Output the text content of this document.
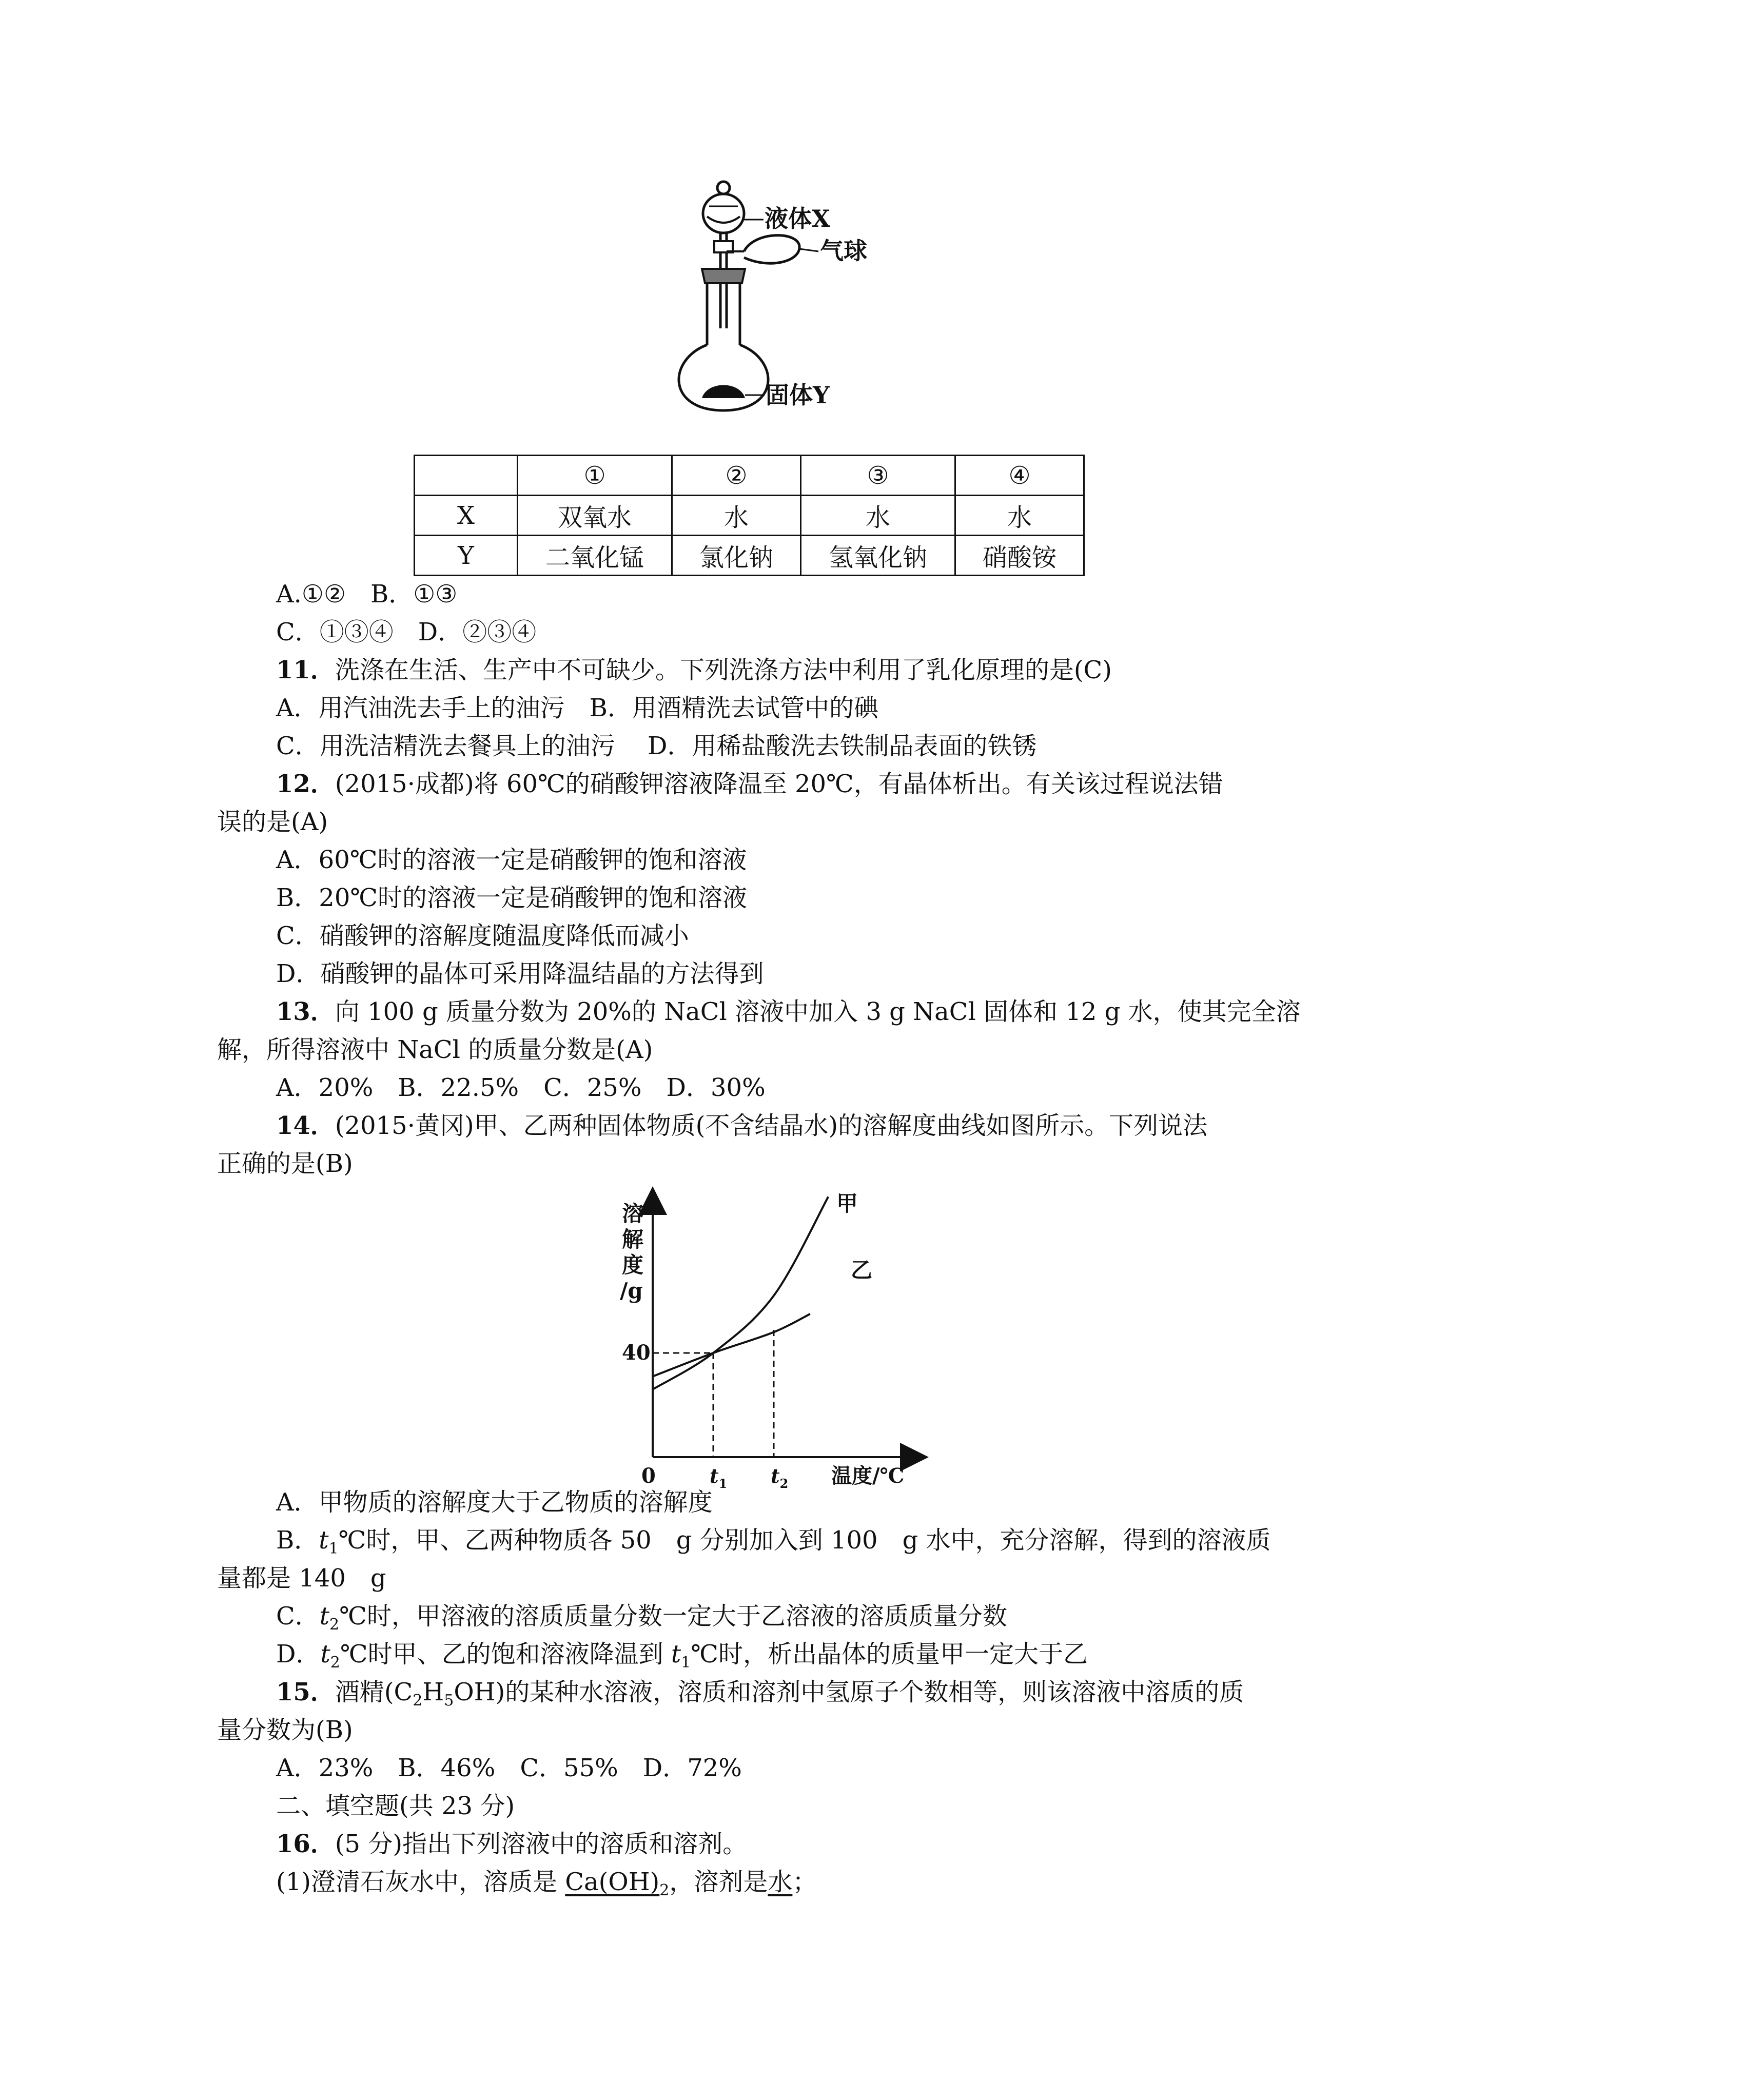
液体X
气球
固体Y
	①	②	③	④
X	双氧水	水	水	水
Y	二氧化锰	氯化钠	氢氧化钠	硝酸铵
A.①②　B．①③
C．①③④　D．②③④
11．洗涤在生活、生产中不可缺少。下列洗涤方法中利用了乳化原理的是(C)
A．用汽油洗去手上的油污　B．用酒精洗去试管中的碘
C．用洗洁精洗去餐具上的油污　 D．用稀盐酸洗去铁制品表面的铁锈
12．(2015·成都)将 60℃的硝酸钾溶液降温至 20℃，有晶体析出。有关该过程说法错
误的是(A)
A．60℃时的溶液一定是硝酸钾的饱和溶液
B．20℃时的溶液一定是硝酸钾的饱和溶液
C．硝酸钾的溶解度随温度降低而减小
D．硝酸钾的晶体可采用降温结晶的方法得到
13．向 100 g 质量分数为 20%的 NaCl 溶液中加入 3 g NaCl 固体和 12 g 水，使其完全溶
解，所得溶液中 NaCl 的质量分数是(A)
A．20%　B．22.5%　C．25%　D．30%
14．(2015·黄冈)甲、乙两种固体物质(不含结晶水)的溶解度曲线如图所示。下列说法
正确的是(B)
溶
解
度
/g
40
0	$t_1$ $t_2$ 温度/℃
甲
乙
A．甲物质的溶解度大于乙物质的溶解度
B．$t_1℃$时，甲、乙两种物质各 50　g 分别加入到 100　g 水中，充分溶解，得到的溶液质
量都是 140　g
C．$t_2℃$时，甲溶液的溶质质量分数一定大于乙溶液的溶质质量分数
D．$t_2℃$时甲、乙的饱和溶液降温到 $t_1℃$时，析出晶体的质量甲一定大于乙
15．酒精$(C_2H_5OH)$的某种水溶液，溶质和溶剂中氢原子个数相等，则该溶液中溶质的质
量分数为(B)
A．23%　B．46%　C．55%　D．72%
二、填空题(共 23 分)
16．(5 分)指出下列溶液中的溶质和溶剂。
(1)澄清石灰水中，溶质是 $Ca(OH)_2$，溶剂是水；
